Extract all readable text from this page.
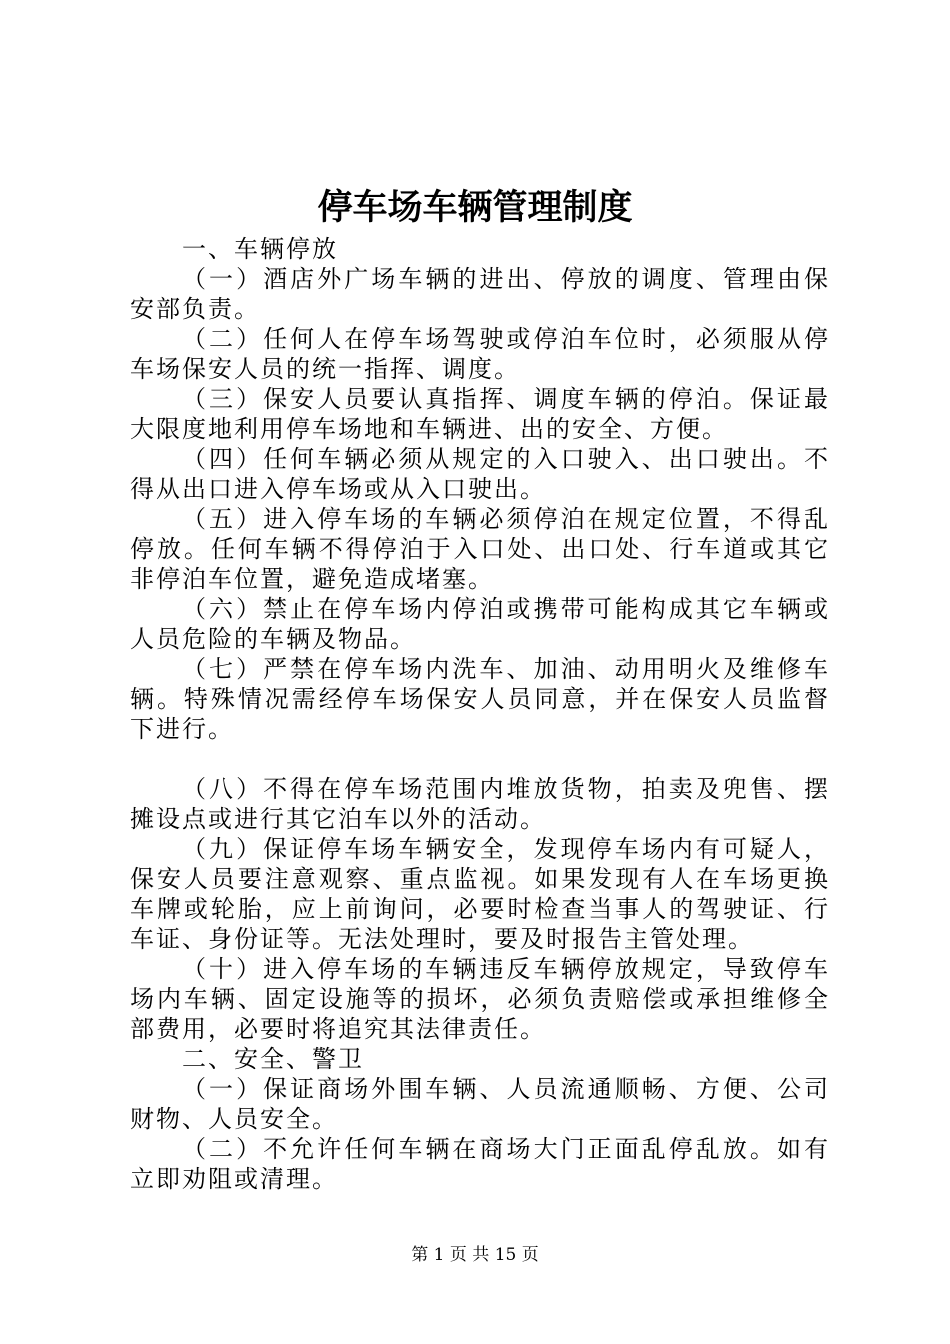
停车场车辆管理制度

一、车辆停放

（一）酒店外广场车辆的进出、停放的调度、管理由保安部负责。

（二）任何人在停车场驾驶或停泊车位时，必须服从停车场保安人员的统一指挥、调度。

（三）保安人员要认真指挥、调度车辆的停泊。保证最大限度地利用停车场地和车辆进、出的安全、方便。

（四）任何车辆必须从规定的入口驶入、出口驶出。不得从出口进入停车场或从入口驶出。

（五）进入停车场的车辆必须停泊在规定位置，不得乱停放。任何车辆不得停泊于入口处、出口处、行车道或其它非停泊车位置，避免造成堵塞。

（六）禁止在停车场内停泊或携带可能构成其它车辆或人员危险的车辆及物品。

（七）严禁在停车场内洗车、加油、动用明火及维修车辆。特殊情况需经停车场保安人员同意，并在保安人员监督下进行。

（八）不得在停车场范围内堆放货物，拍卖及兜售、摆摊设点或进行其它泊车以外的活动。

（九）保证停车场车辆安全，发现停车场内有可疑人，保安人员要注意观察、重点监视。如果发现有人在车场更换车牌或轮胎，应上前询问，必要时检查当事人的驾驶证、行车证、身份证等。无法处理时，要及时报告主管处理。

（十）进入停车场的车辆违反车辆停放规定，导致停车场内车辆、固定设施等的损坏，必须负责赔偿或承担维修全部费用，必要时将追究其法律责任。

二、安全、警卫

（一）保证商场外围车辆、人员流通顺畅、方便、公司财物、人员安全。

（二）不允许任何车辆在商场大门正面乱停乱放。如有立即劝阻或清理。

第 1 页 共 15 页
